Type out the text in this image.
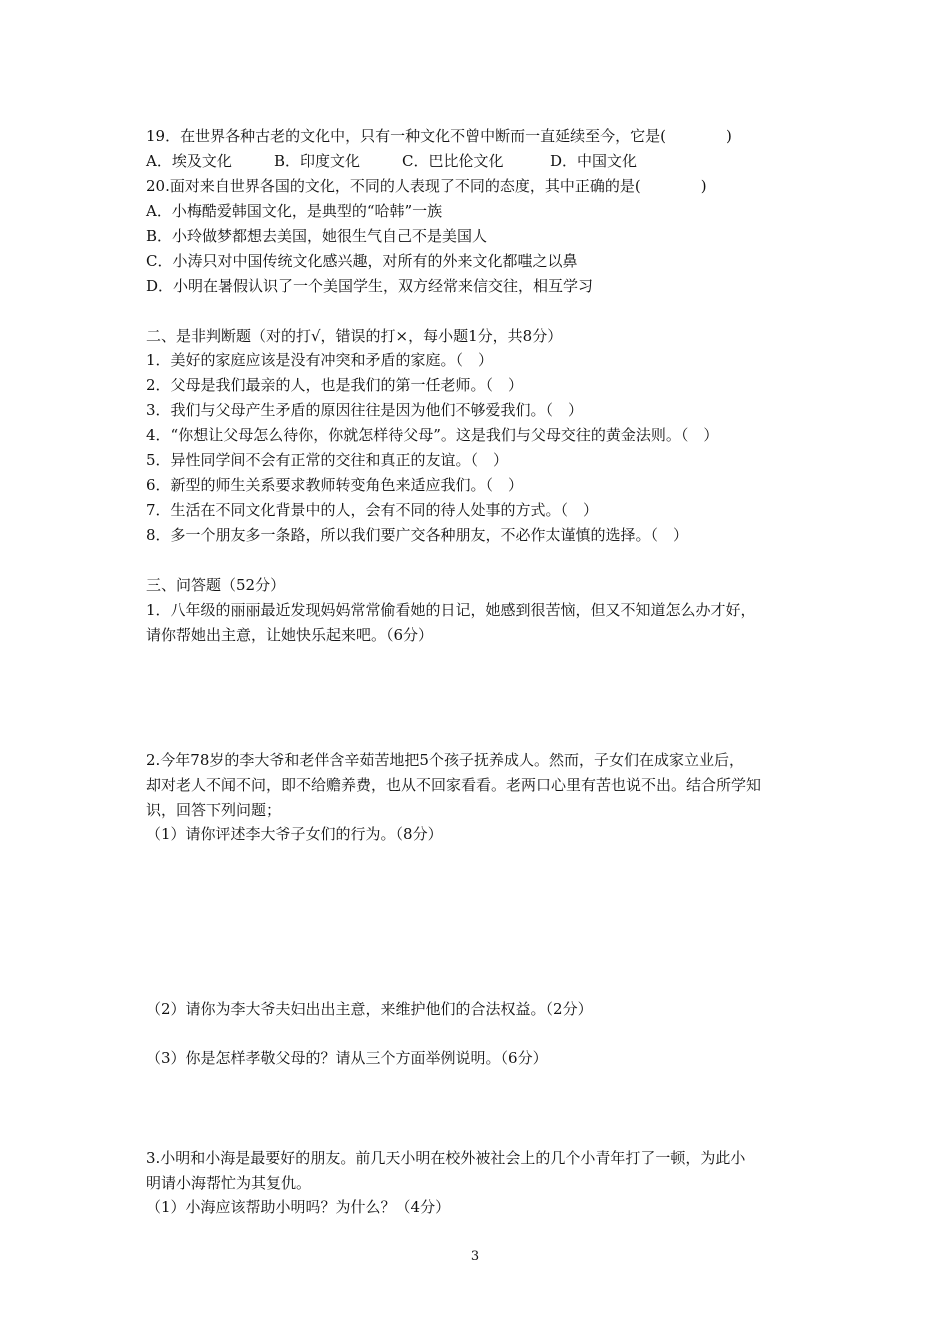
19．在世界各种古老的文化中，只有一种文化不曾中断而一直延续至今，它是(　　　　)
A．埃及文化	B．印度文化	C．巴比伦文化	D．中国文化
20.面对来自世界各国的文化，不同的人表现了不同的态度，其中正确的是(　　　　)
A．小梅酷爱韩国文化，是典型的“哈韩”一族
B．小玲做梦都想去美国，她很生气自己不是美国人
C．小涛只对中国传统文化感兴趣，对所有的外来文化都嗤之以鼻
D．小明在暑假认识了一个美国学生，双方经常来信交往，相互学习
二、是非判断题（对的打√，错误的打×，每小题1分，共8分）
1．美好的家庭应该是没有冲突和矛盾的家庭。（　）
2．父母是我们最亲的人，也是我们的第一任老师。（　）
3．我们与父母产生矛盾的原因往往是因为他们不够爱我们。（　）
4．“你想让父母怎么待你，你就怎样待父母”。这是我们与父母交往的黄金法则。（　）
5．异性同学间不会有正常的交往和真正的友谊。（　）
6．新型的师生关系要求教师转变角色来适应我们。（　）
7．生活在不同文化背景中的人，会有不同的待人处事的方式。（　）
8．多一个朋友多一条路，所以我们要广交各种朋友，不必作太谨慎的选择。（　）
三、问答题（52分）
1．八年级的丽丽最近发现妈妈常常偷看她的日记，她感到很苦恼，但又不知道怎么办才好，
请你帮她出主意，让她快乐起来吧。（6分）
2.今年78岁的李大爷和老伴含辛茹苦地把5个孩子抚养成人。然而，子女们在成家立业后，
却对老人不闻不问，即不给赡养费，也从不回家看看。老两口心里有苦也说不出。结合所学知
识，回答下列问题；
（1）请你评述李大爷子女们的行为。（8分）
（2）请你为李大爷夫妇出出主意，来维护他们的合法权益。（2分）
（3）你是怎样孝敬父母的？请从三个方面举例说明。（6分）
3.小明和小海是最要好的朋友。前几天小明在校外被社会上的几个小青年打了一顿，为此小
明请小海帮忙为其复仇。
（1）小海应该帮助小明吗？为什么？（4分）
3
